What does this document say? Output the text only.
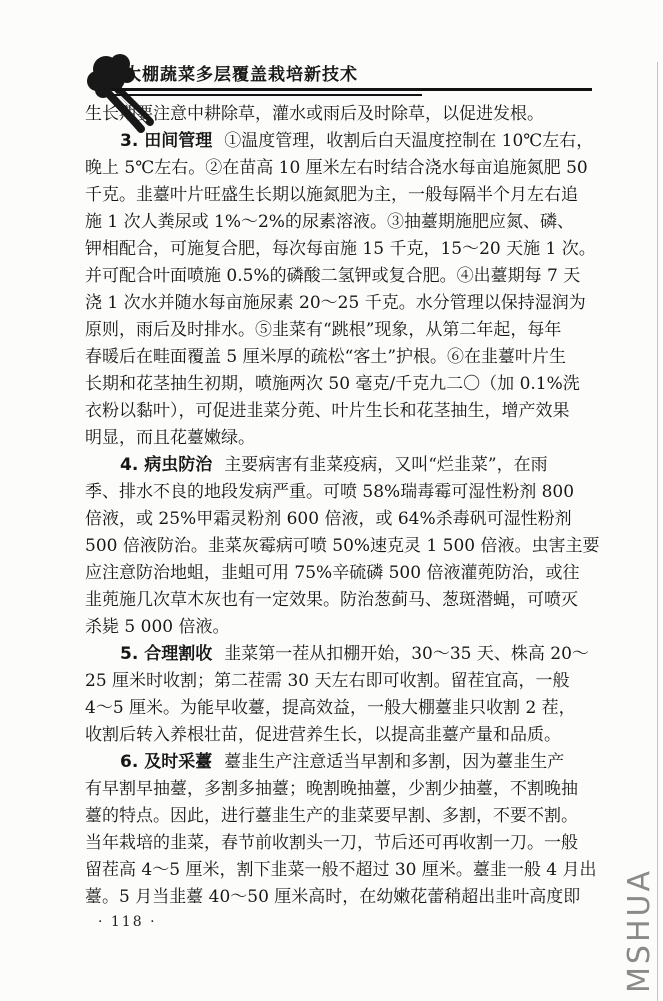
大棚蔬菜多层覆盖栽培新技术
生长期要注意中耕除草，灌水或雨后及时除草，以促进发根。
3. 田间管理 ①温度管理，收割后白天温度控制在 10℃左右，
晚上 5℃左右。②在苗高 10 厘米左右时结合浇水每亩追施氮肥 50
千克。韭薹叶片旺盛生长期以施氮肥为主，一般每隔半个月左右追
施 1 次人粪尿或 1%～2%的尿素溶液。③抽薹期施肥应氮、磷、
钾相配合，可施复合肥，每次每亩施 15 千克，15～20 天施 1 次。
并可配合叶面喷施 0.5%的磷酸二氢钾或复合肥。④出薹期每 7 天
浇 1 次水并随水每亩施尿素 20～25 千克。水分管理以保持湿润为
原则，雨后及时排水。⑤韭菜有“跳根”现象，从第二年起，每年
春暖后在畦面覆盖 5 厘米厚的疏松“客土”护根。⑥在韭薹叶片生
长期和花茎抽生初期，喷施两次 50 毫克/千克九二〇（加 0.1%洗
衣粉以黏叶），可促进韭菜分蔸、叶片生长和花茎抽生，增产效果
明显，而且花薹嫩绿。
4. 病虫防治 主要病害有韭菜疫病，又叫“烂韭菜”，在雨
季、排水不良的地段发病严重。可喷 58%瑞毒霉可湿性粉剂 800
倍液，或 25%甲霜灵粉剂 600 倍液，或 64%杀毒矾可湿性粉剂
500 倍液防治。韭菜灰霉病可喷 50%速克灵 1 500 倍液。虫害主要
应注意防治地蛆，韭蛆可用 75%辛硫磷 500 倍液灌蔸防治，或往
韭蔸施几次草木灰也有一定效果。防治葱蓟马、葱斑潜蝇，可喷灭
杀毙 5 000 倍液。
5. 合理割收 韭菜第一茬从扣棚开始，30～35 天、株高 20～
25 厘米时收割；第二茬需 30 天左右即可收割。留茬宜高，一般
4～5 厘米。为能早收薹，提高效益，一般大棚薹韭只收割 2 茬，
收割后转入养根壮苗，促进营养生长，以提高韭薹产量和品质。
6. 及时采薹 薹韭生产注意适当早割和多割，因为薹韭生产
有早割早抽薹，多割多抽薹；晚割晚抽薹，少割少抽薹，不割晚抽
薹的特点。因此，进行薹韭生产的韭菜要早割、多割，不要不割。
当年栽培的韭菜，春节前收割头一刀，节后还可再收割一刀。一般
留茬高 4～5 厘米，割下韭菜一般不超过 30 厘米。薹韭一般 4 月出
薹。5 月当韭薹 40～50 厘米高时，在幼嫩花蕾稍超出韭叶高度即
· 118 ·	MSHUA
